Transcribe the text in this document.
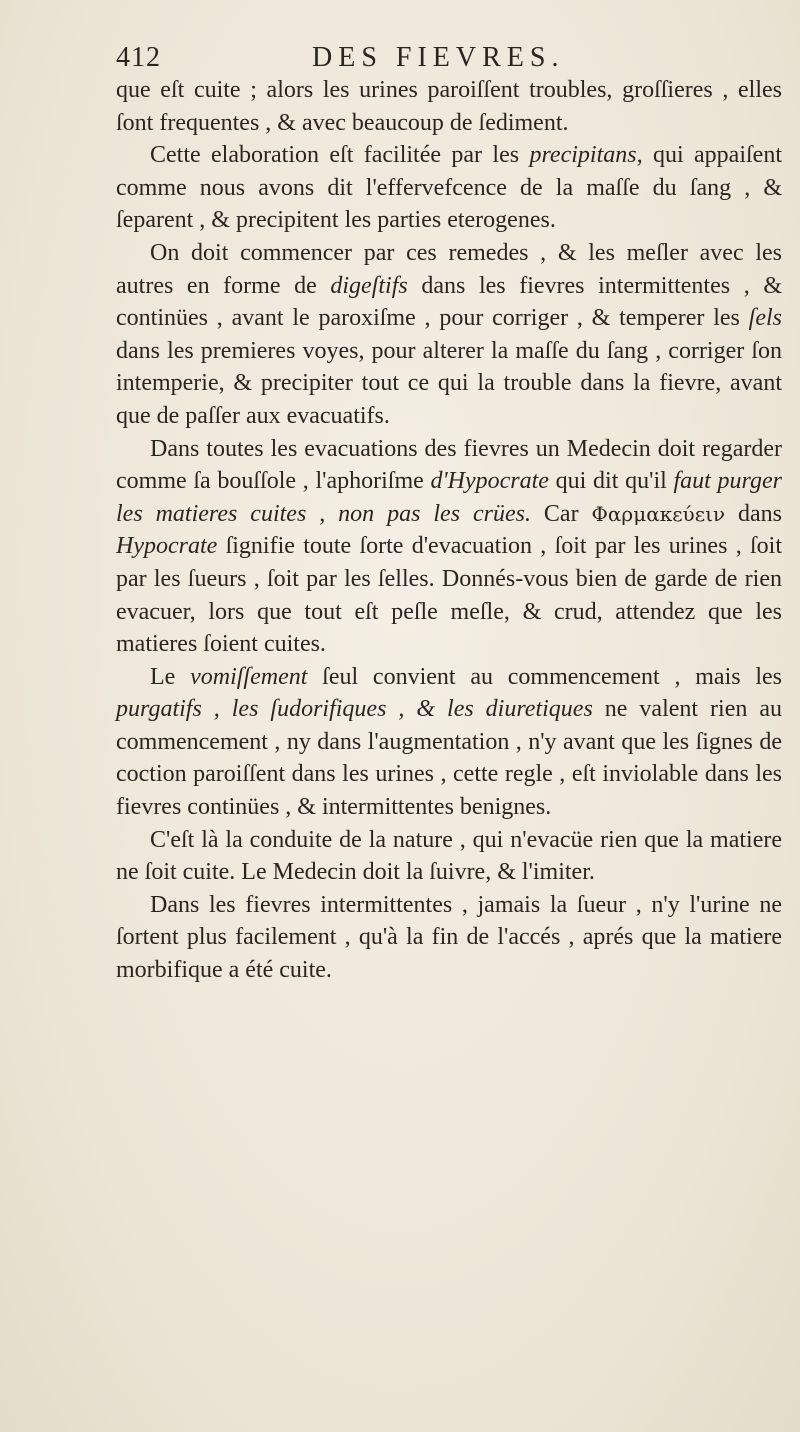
412	DES FIEVRES.

que eſt cuite ; alors les urines paroiſſent troubles, groſſieres , elles ſont frequentes , & avec beaucoup de ſediment.

Cette elaboration eſt facilitée par les precipitans, qui appaiſent comme nous avons dit l'effervefcence de la maſſe du ſang , & ſeparent , & precipitent les parties eterogenes.

On doit commencer par ces remedes , & les meſler avec les autres en forme de digeſtifs dans les fievres intermittentes , & continües , avant le paroxiſme , pour corriger , & temperer les ſels dans les premieres voyes, pour alterer la maſſe du ſang , corriger ſon intemperie, & precipiter tout ce qui la trouble dans la fievre, avant que de paſſer aux evacuatifs.

Dans toutes les evacuations des fievres un Medecin doit regarder comme ſa bouſſole , l'aphoriſme d'Hypocrate qui dit qu'il faut purger les matieres cuites , non pas les crües. Car Φαρμακεύειν dans Hypocrate ſignifie toute ſorte d'evacuation , ſoit par les urines , ſoit par les ſueurs , ſoit par les ſelles. Donnés-vous bien de garde de rien evacuer, lors que tout eſt peſle meſle, & crud, attendez que les matieres ſoient cuites.

Le vomiſſement ſeul convient au commencement , mais les purgatifs , les ſudorifiques , & les diuretiques ne valent rien au commencement , ny dans l'augmentation , n'y avant que les ſignes de coction paroiſſent dans les urines , cette regle , eſt inviolable dans les fievres continües , & intermittentes benignes.

C'eſt là la conduite de la nature , qui n'evacüe rien que la matiere ne ſoit cuite. Le Medecin doit la ſuivre, & l'imiter.

Dans les fievres intermittentes , jamais la ſueur , n'y l'urine ne ſortent plus facilement , qu'à la fin de l'accés , aprés que la matiere morbifique a été cuite.
